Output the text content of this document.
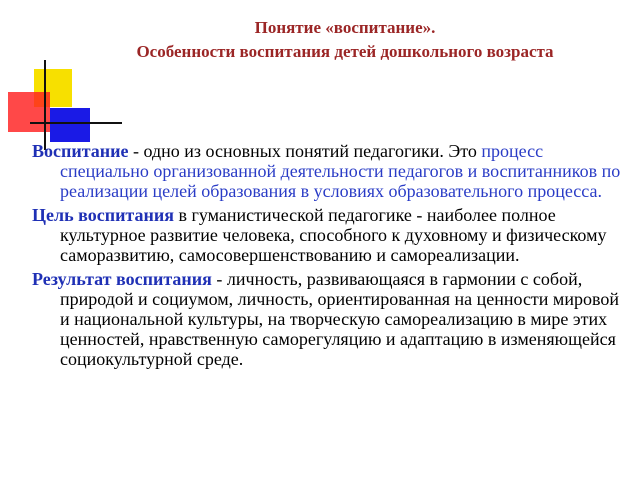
Понятие «воспитание».
Особенности воспитания детей дошкольного возраста

Воспитание - одно из основных понятий педагогики. Это процесс специально организованной деятельности педагогов и воспитанников по реализации целей образования в условиях образовательного процесса.

Цель воспитания в гуманистической педагогике - наиболее полное культурное развитие человека, способного к духовному и физическому саморазвитию, самосовершенствованию и самореализации.

Результат воспитания - личность, развивающаяся в гармонии с собой, природой и социумом, личность, ориентированная на ценности мировой и национальной культуры, на творческую самореализацию в мире этих ценностей, нравственную саморегуляцию и адаптацию в изменяющейся социокультурной среде.
